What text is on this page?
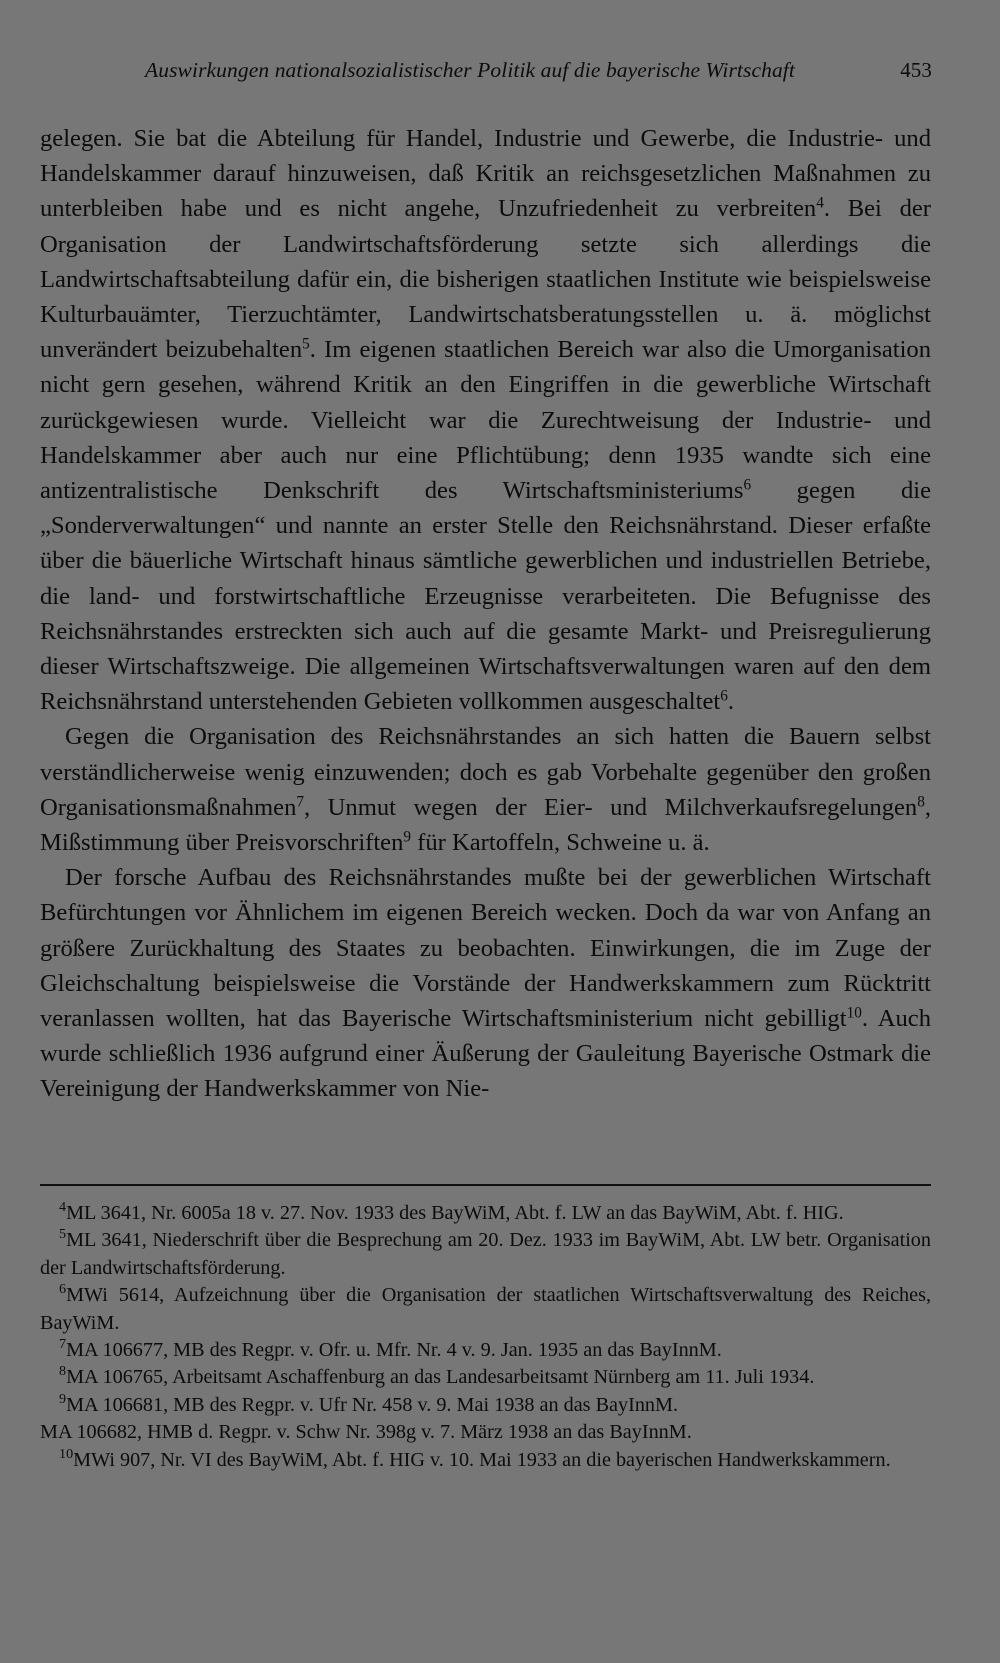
Auswirkungen nationalsozialistischer Politik auf die bayerische Wirtschaft	453

gelegen. Sie bat die Abteilung für Handel, Industrie und Gewerbe, die Industrie- und Handelskammer darauf hinzuweisen, daß Kritik an reichsgesetzlichen Maßnahmen zu unterbleiben habe und es nicht angehe, Unzufriedenheit zu verbreiten$^4$. Bei der Organisation der Landwirtschaftsförderung setzte sich allerdings die Landwirtschaftsabteilung dafür ein, die bisherigen staatlichen Institute wie beispielsweise Kulturbauämter, Tierzuchtämter, Landwirtschatsberatungsstellen u. ä. möglichst unverändert beizubehalten$^5$. Im eigenen staatlichen Bereich war also die Umorganisation nicht gern gesehen, während Kritik an den Eingriffen in die gewerbliche Wirtschaft zurückgewiesen wurde. Vielleicht war die Zurechtweisung der Industrie- und Handelskammer aber auch nur eine Pflichtübung; denn 1935 wandte sich eine antizentralistische Denkschrift des Wirtschaftsministeriums$^6$ gegen die „Sonderverwaltungen“ und nannte an erster Stelle den Reichsnährstand. Dieser erfaßte über die bäuerliche Wirtschaft hinaus sämtliche gewerblichen und industriellen Betriebe, die land- und forstwirtschaftliche Erzeugnisse verarbeiteten. Die Befugnisse des Reichsnährstandes erstreckten sich auch auf die gesamte Markt- und Preisregulierung dieser Wirtschaftszweige. Die allgemeinen Wirtschaftsverwaltungen waren auf den dem Reichsnährstand unterstehenden Gebieten vollkommen ausgeschaltet$^6$.

Gegen die Organisation des Reichsnährstandes an sich hatten die Bauern selbst verständlicherweise wenig einzuwenden; doch es gab Vorbehalte gegenüber den großen Organisationsmaßnahmen$^7$, Unmut wegen der Eier- und Milchverkaufsregelungen$^8$, Mißstimmung über Preisvorschriften$^9$ für Kartoffeln, Schweine u. ä.

Der forsche Aufbau des Reichsnährstandes mußte bei der gewerblichen Wirtschaft Befürchtungen vor Ähnlichem im eigenen Bereich wecken. Doch da war von Anfang an größere Zurückhaltung des Staates zu beobachten. Einwirkungen, die im Zuge der Gleichschaltung beispielsweise die Vorstände der Handwerkskammern zum Rücktritt veranlassen wollten, hat das Bayerische Wirtschaftsministerium nicht gebilligt$^{10}$. Auch wurde schließlich 1936 aufgrund einer Äußerung der Gauleitung Bayerische Ostmark die Vereinigung der Handwerkskammer von Nie-

$^4$ML 3641, Nr. 6005a 18 v. 27. Nov. 1933 des BayWiM, Abt. f. LW an das BayWiM, Abt. f. HIG.

$^5$ML 3641, Niederschrift über die Besprechung am 20. Dez. 1933 im BayWiM, Abt. LW betr. Organisation der Landwirtschaftsförderung.

$^6$MWi 5614, Aufzeichnung über die Organisation der staatlichen Wirtschaftsverwaltung des Reiches, BayWiM.

$^7$MA 106677, MB des Regpr. v. Ofr. u. Mfr. Nr. 4 v. 9. Jan. 1935 an das BayInnM.

$^8$MA 106765, Arbeitsamt Aschaffenburg an das Landesarbeitsamt Nürnberg am 11. Juli 1934.

$^9$MA 106681, MB des Regpr. v. Ufr Nr. 458 v. 9. Mai 1938 an das BayInnM.

MA 106682, HMB d. Regpr. v. Schw Nr. 398g v. 7. März 1938 an das BayInnM.

$^{10}$MWi 907, Nr. VI des BayWiM, Abt. f. HIG v. 10. Mai 1933 an die bayerischen Handwerkskammern.
